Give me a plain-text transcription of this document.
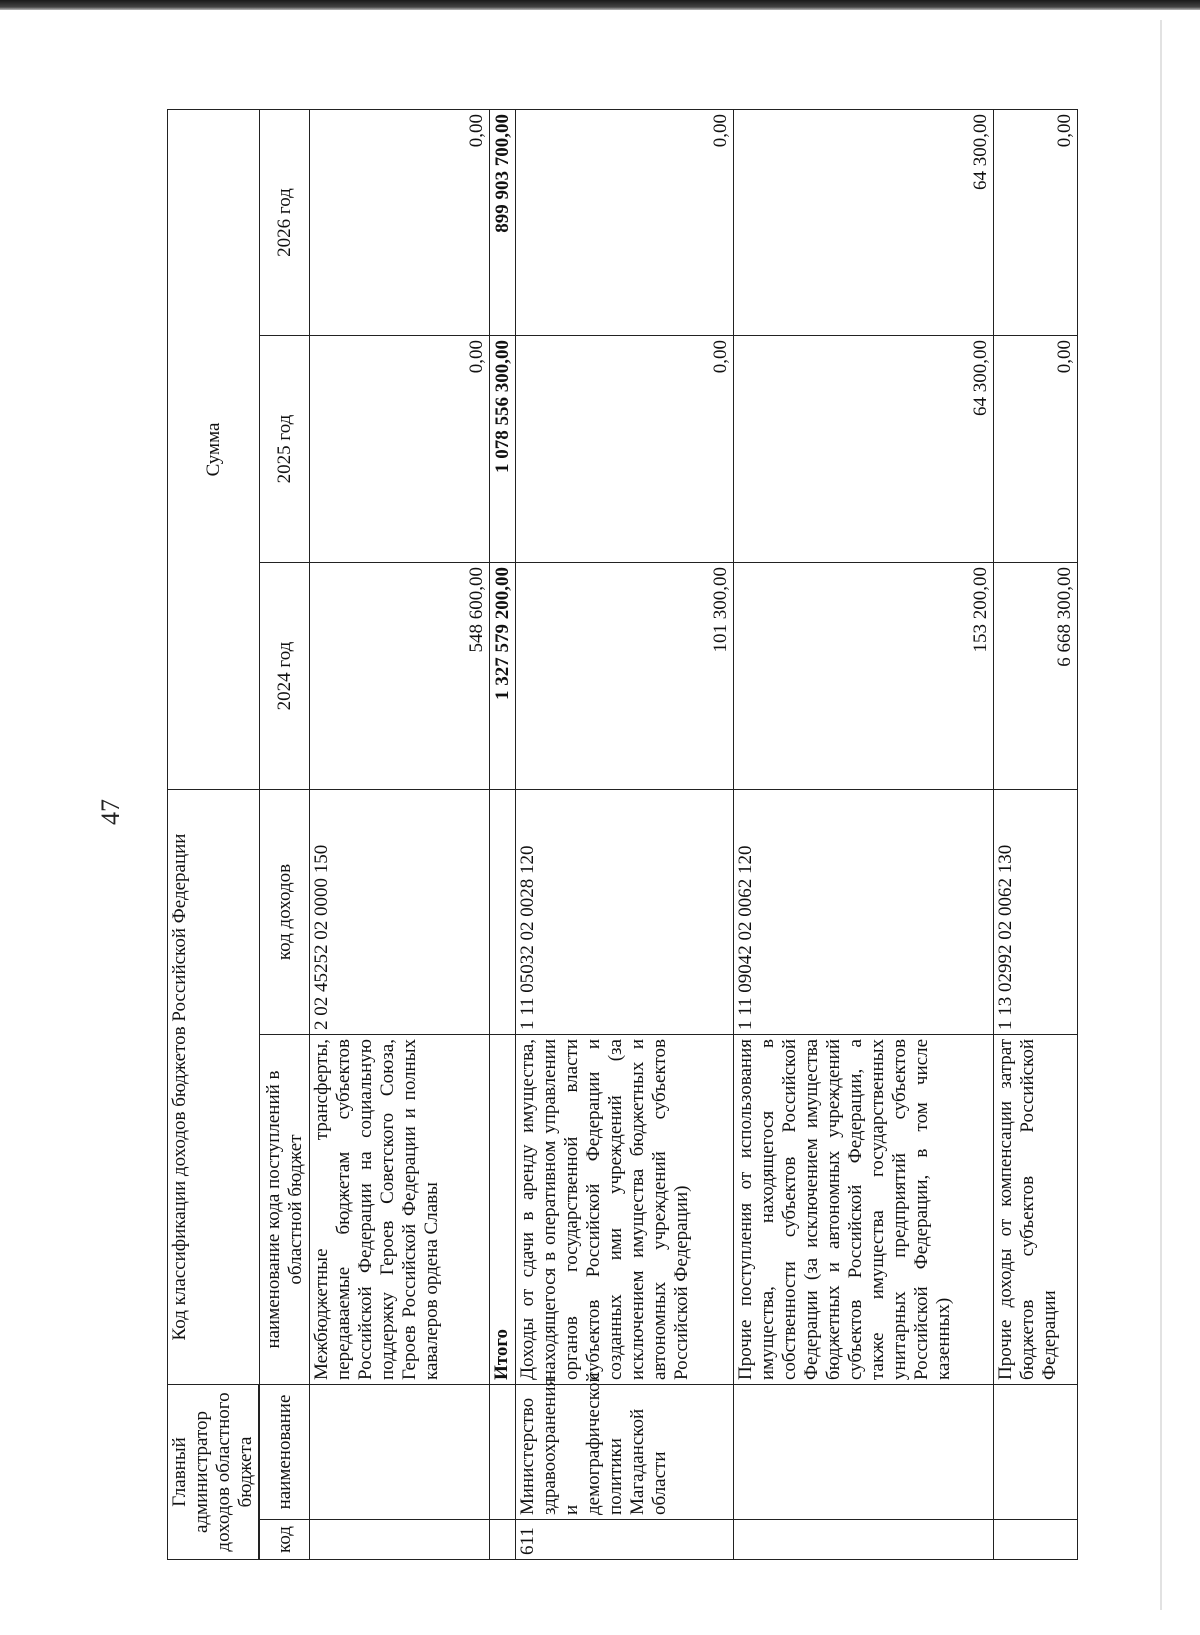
47
Главный администратор доходов областного бюджета		Код классификации доходов бюджетов Российской Федерации		Сумма		

код	наименование	наименование кода поступлений в областной бюджет	код доходов	2024 год	2025 год	2026 год
		Межбюджетные трансферты, передаваемые бюджетам субъектов Российской Федерации на социальную поддержку Героев Советского Союза, Героев Российской Федерации и полных кавалеров ордена Славы	2 02 45252 02 0000 150	548 600,00	0,00	0,00
		Итого		1 327 579 200,00	1 078 556 300,00	899 903 700,00
611	Министерство здравоохранения и демографической политики Магаданской области	Доходы от сдачи в аренду имущества, находящегося в оперативном управлении органов государственной власти субъектов Российской Федерации и созданных ими учреждений (за исключением имущества бюджетных и автономных учреждений субъектов Российской Федерации)	1 11 05032 02 0028 120	101 300,00	0,00	0,00
		Прочие поступления от использования имущества, находящегося в собственности субъектов Российской Федерации (за исключением имущества бюджетных и автономных учреждений субъектов Российской Федерации, а также имущества государственных унитарных предприятий субъектов Российской Федерации, в том числе казенных)	1 11 09042 02 0062 120	153 200,00	64 300,00	64 300,00
		Прочие доходы от компенсации затрат бюджетов субъектов Российской Федерации	1 13 02992 02 0062 130	6 668 300,00	0,00	0,00
